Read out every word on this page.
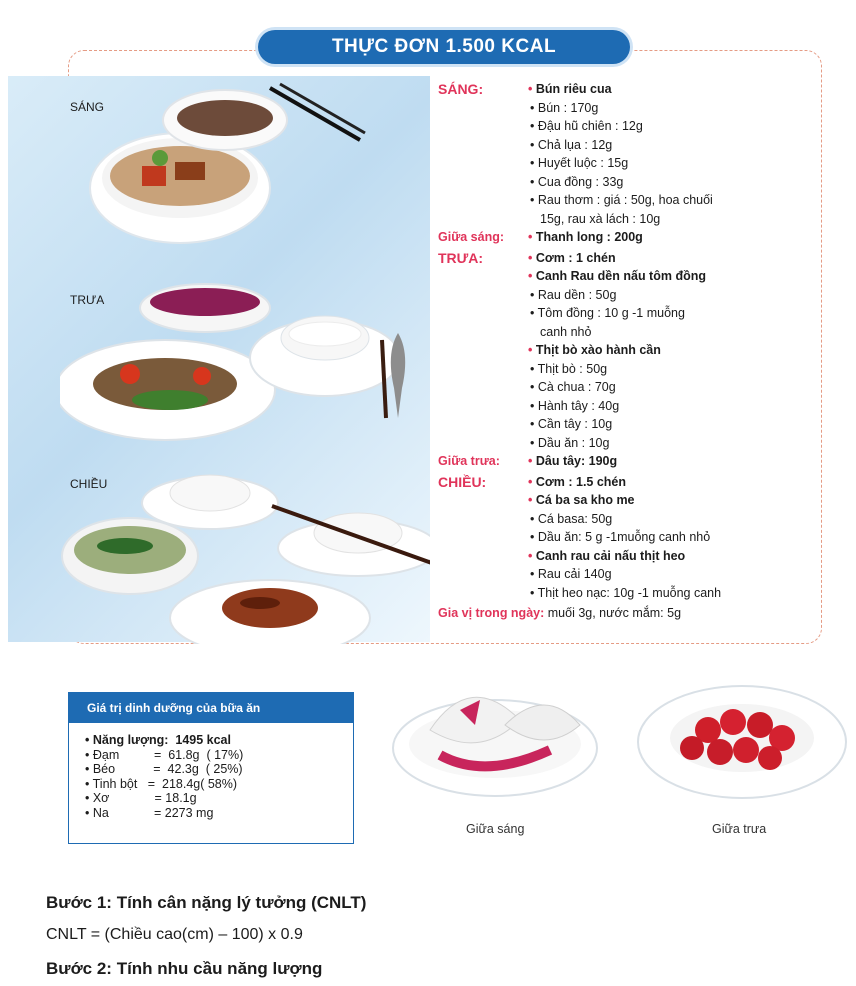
THỰC ĐƠN 1.500 KCAL
SÁNG
TRƯA
CHIỀU
SÁNG:	• Bún riêu cua
• Bún : 170g
• Đậu hũ chiên : 12g
• Chả lụa : 12g
• Huyết luộc : 15g
• Cua đồng : 33g
• Rau thơm : giá : 50g, hoa chuối
15g, rau xà lách : 10g
Giữa sáng:	• Thanh long : 200g
TRƯA:	• Cơm : 1 chén
• Canh Rau dền nấu tôm đồng
• Rau dền : 50g
• Tôm đồng : 10 g -1 muỗng
canh nhỏ
• Thịt bò xào hành cần
• Thịt bò : 50g
• Cà chua : 70g
• Hành tây : 40g
• Cần tây : 10g
• Dầu ăn : 10g
Giữa trưa:	• Dâu tây: 190g
CHIỀU:	• Cơm : 1.5 chén
• Cá ba sa kho me
• Cá basa: 50g
• Dầu ăn: 5 g -1muỗng canh nhỏ
• Canh rau cải nấu thịt heo
• Rau cải 140g
• Thịt heo nạc: 10g -1 muỗng canh
Gia vị trong ngày: muối 3g, nước mắm: 5g
Giá trị dinh dưỡng của bữa ăn
• Năng lượng:  1495 kcal
• Đạm          =  61.8g  ( 17%)
• Béo           =  42.3g  ( 25%)
• Tinh bột   =  218.4g( 58%)
• Xơ             = 18.1g
• Na             = 2273 mg
Giữa sáng	Giữa trưa
Bước 1: Tính cân nặng lý tưởng (CNLT)
CNLT = (Chiều cao(cm) – 100) x 0.9
Bước 2: Tính nhu cầu năng lượng
